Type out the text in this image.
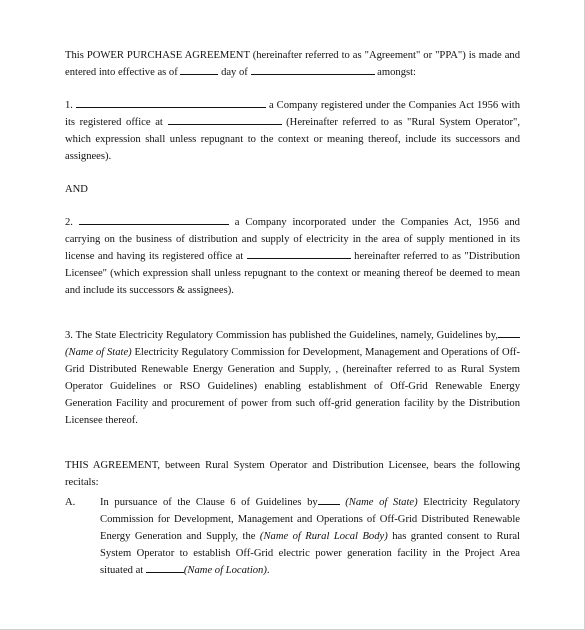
This POWER PURCHASE AGREEMENT (hereinafter referred to as "Agreement" or "PPA") is made and entered into effective as of	day of	amongst:

1.	a Company registered under the Companies Act 1956 with its registered office at	(Hereinafter referred to as "Rural System Operator", which expression shall unless repugnant to the context or meaning thereof, include its successors and assignees).

AND

2.	a Company incorporated under the Companies Act, 1956 and carrying on the business of distribution and supply of electricity in the area of supply mentioned in its license and having its registered office at	hereinafter referred to as "Distribution Licensee" (which expression shall unless repugnant to the context or meaning thereof be deemed to mean and include its successors & assignees).

3. The State Electricity Regulatory Commission has published the Guidelines, namely, Guidelines by, (Name of State) Electricity Regulatory Commission for Development, Management and Operations of Off-Grid Distributed Renewable Energy Generation and Supply, , (hereinafter referred to as Rural System Operator Guidelines or RSO Guidelines) enabling establishment of Off-Grid Renewable Energy Generation Facility and procurement of power from such off-grid generation facility by the Distribution Licensee thereof.

THIS AGREEMENT, between Rural System Operator and Distribution Licensee, bears the following recitals:

A.	In pursuance of the Clause 6 of Guidelines by	(Name of State) Electricity Regulatory Commission for Development, Management and Operations of Off-Grid Distributed Renewable Energy Generation and Supply, the (Name of Rural Local Body) has granted consent to Rural System Operator to establish Off-Grid electric power generation facility in the Project Area situated at	(Name of Location).
